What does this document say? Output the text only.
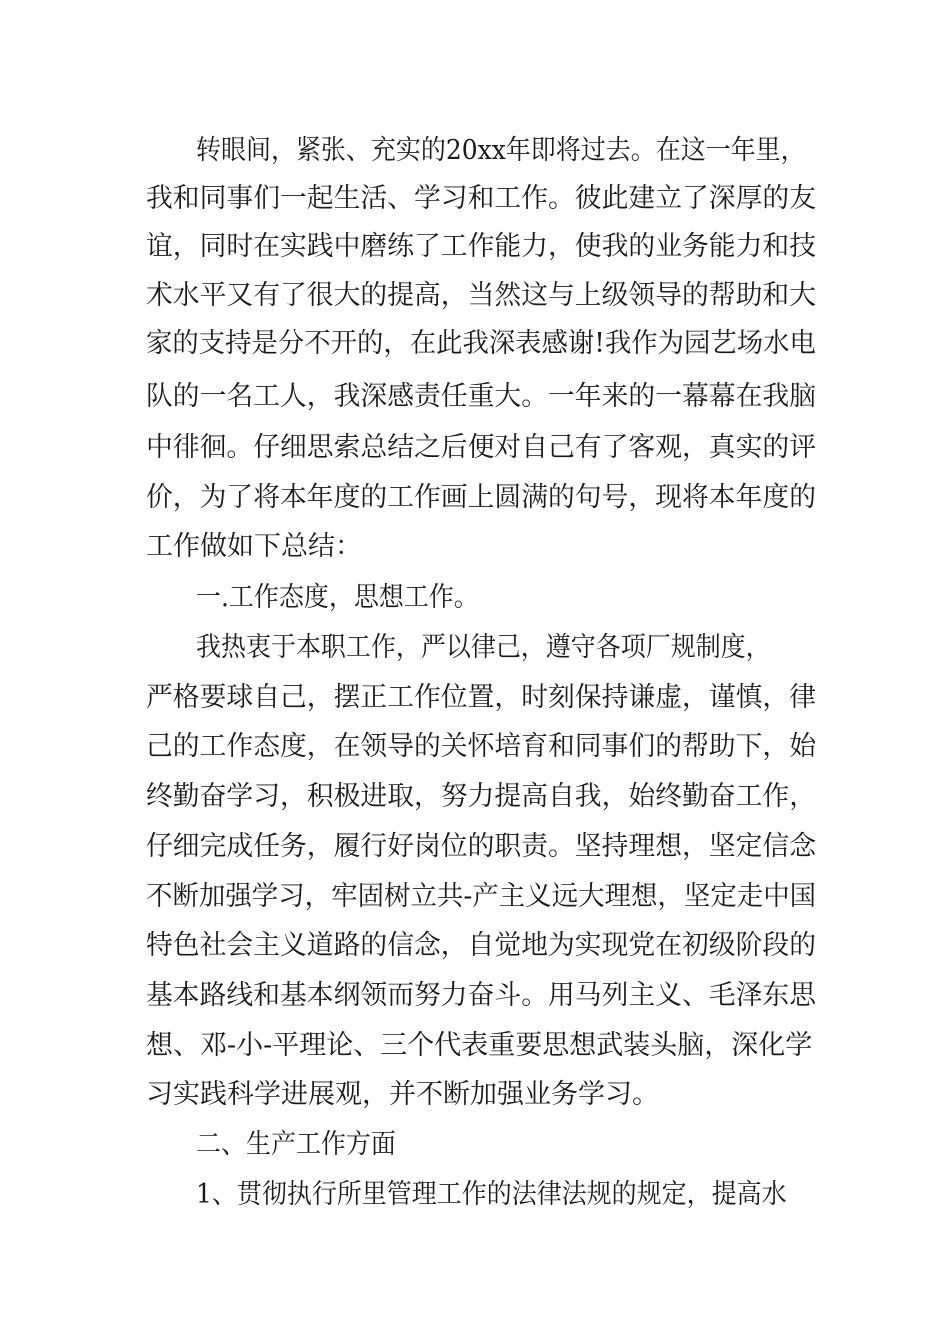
转眼间，紧张、充实的20xx年即将过去。在这一年里，
我和同事们一起生活、学习和工作。彼此建立了深厚的友
谊，同时在实践中磨练了工作能力，使我的业务能力和技
术水平又有了很大的提高，当然这与上级领导的帮助和大
家的支持是分不开的，在此我深表感谢!我作为园艺场水电
队的一名工人，我深感责任重大。一年来的一幕幕在我脑
中徘徊。仔细思索总结之后便对自己有了客观，真实的评
价，为了将本年度的工作画上圆满的句号，现将本年度的
工作做如下总结：
一.工作态度，思想工作。
我热衷于本职工作，严以律己，遵守各项厂规制度，
严格要球自己，摆正工作位置，时刻保持谦虚，谨慎，律
己的工作态度，在领导的关怀培育和同事们的帮助下，始
终勤奋学习，积极进取，努力提高自我，始终勤奋工作，
仔细完成任务，履行好岗位的职责。坚持理想，坚定信念
不断加强学习，牢固树立共-产主义远大理想，坚定走中国
特色社会主义道路的信念，自觉地为实现党在初级阶段的
基本路线和基本纲领而努力奋斗。用马列主义、毛泽东思
想、邓-小-平理论、三个代表重要思想武装头脑，深化学
习实践科学进展观，并不断加强业务学习。
二、生产工作方面
1、贯彻执行所里管理工作的法律法规的规定，提高水
